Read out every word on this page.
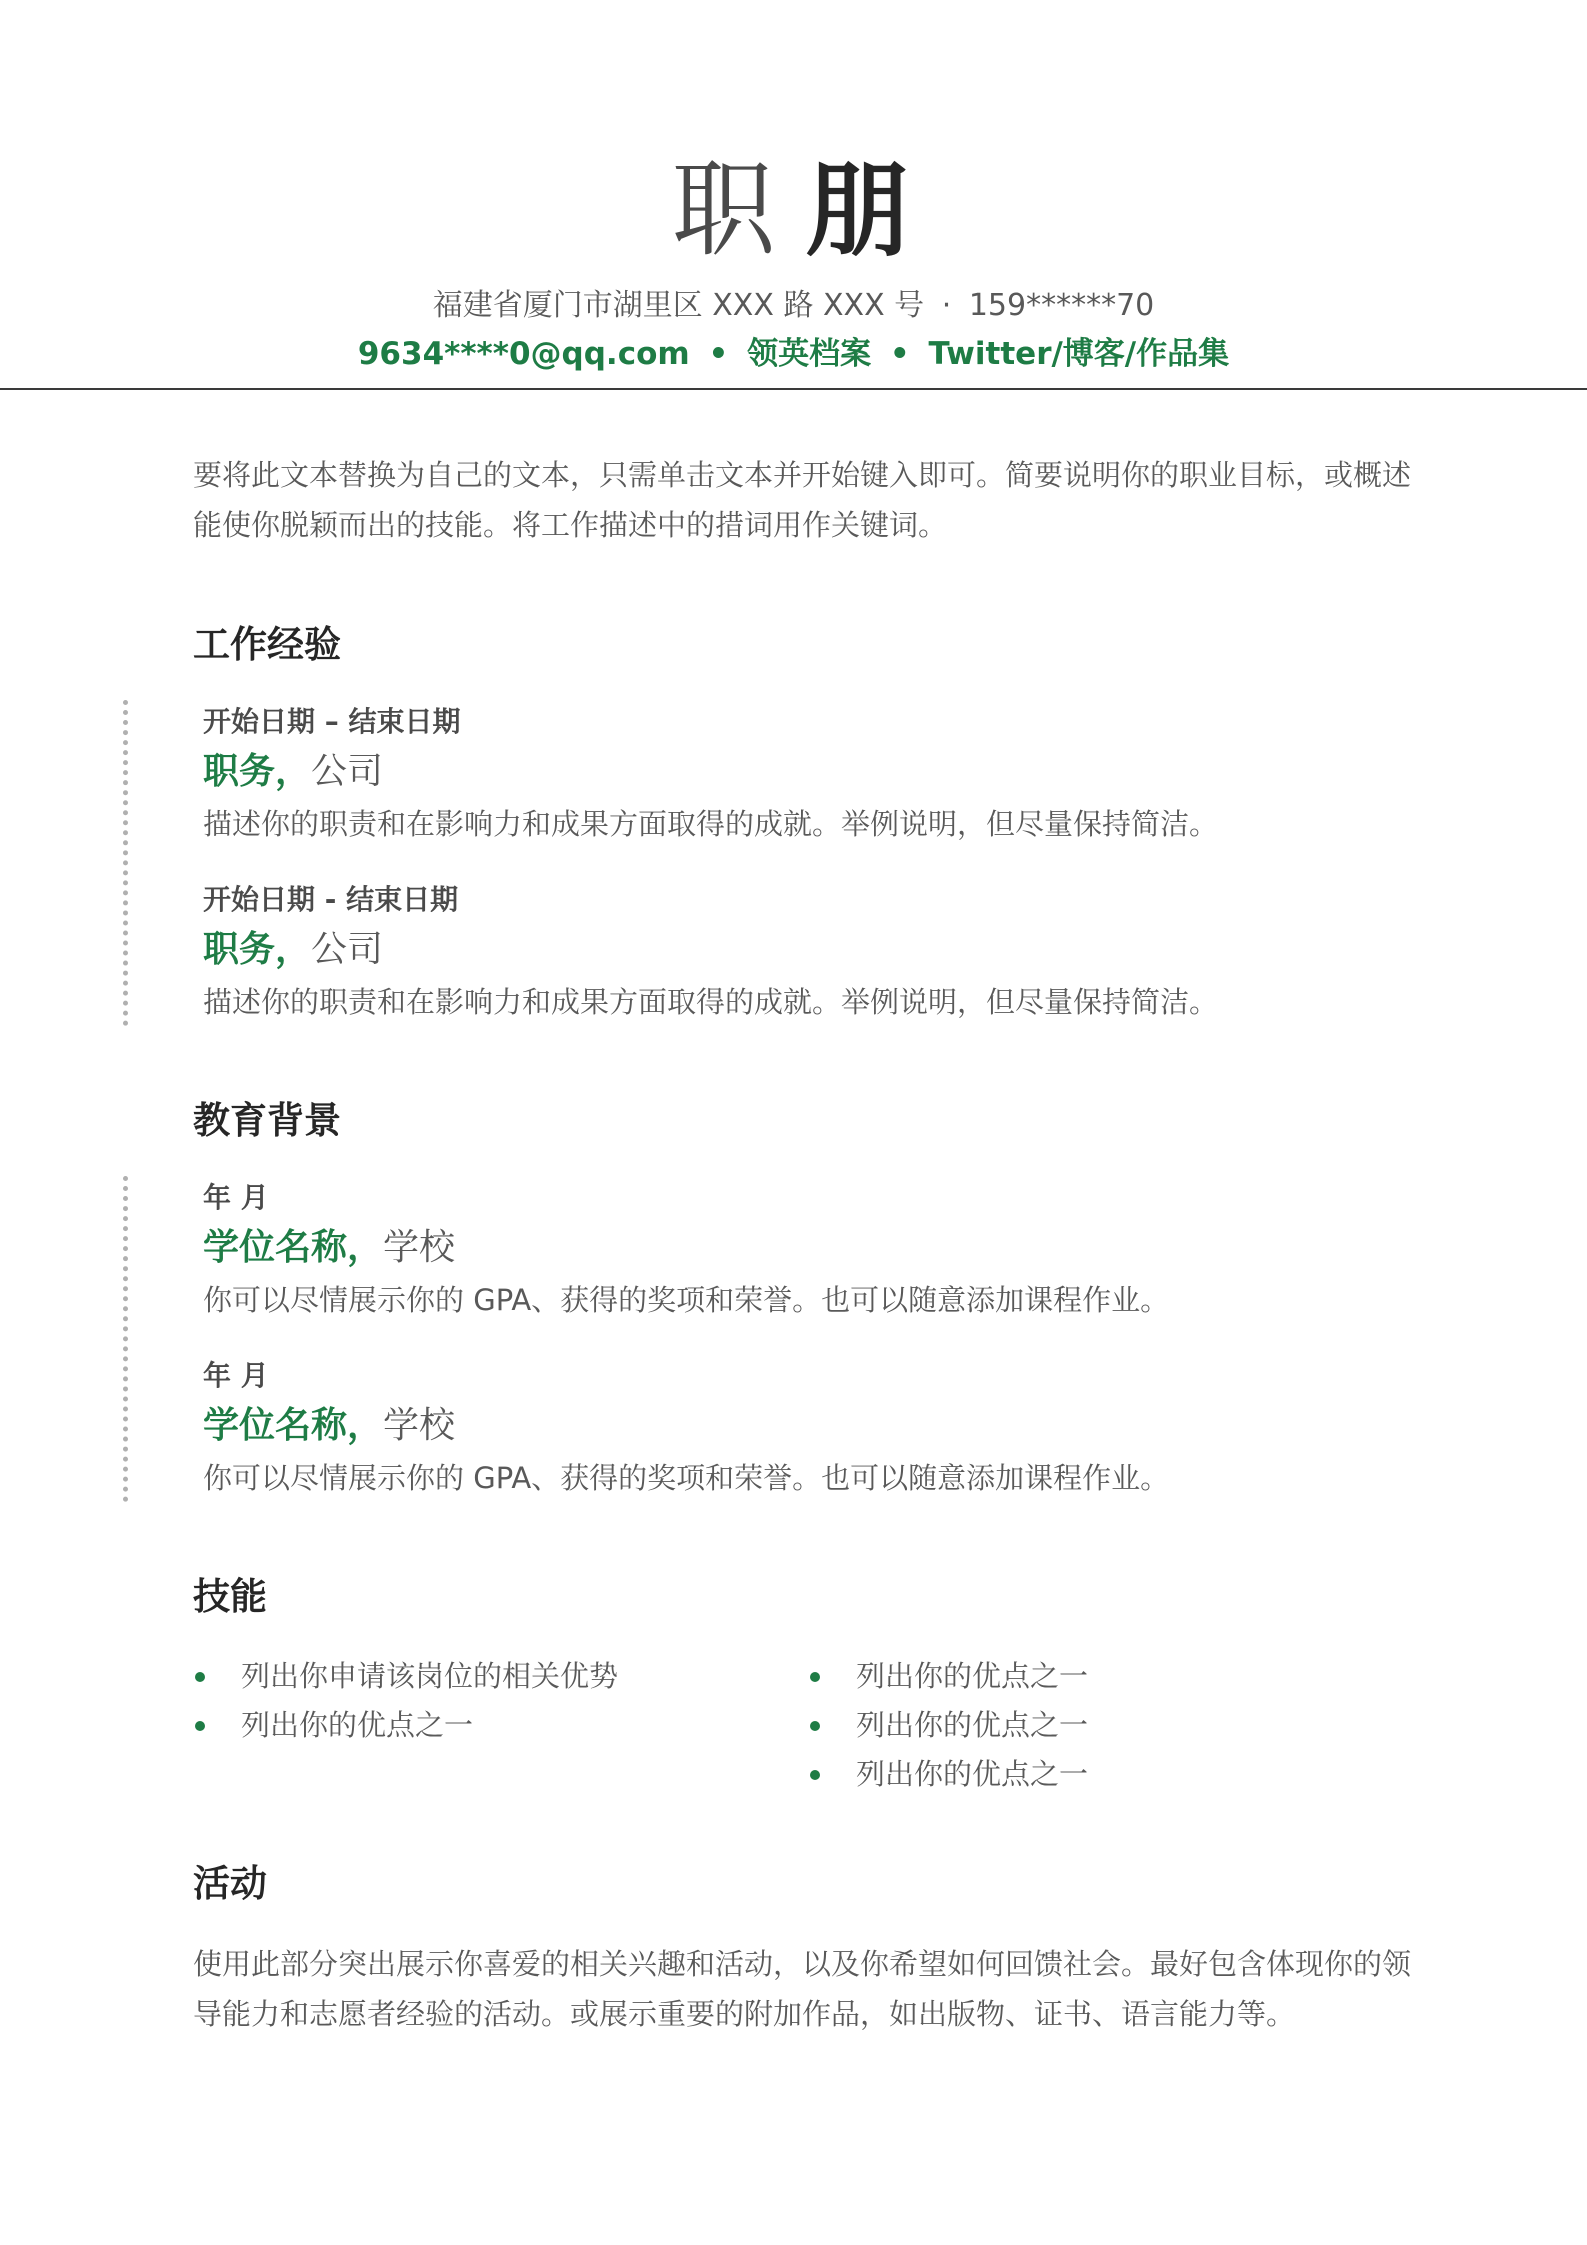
职 朋
福建省厦门市湖里区 XXX 路 XXX 号 · 159******70
9634****0@qq.com • 领英档案 • Twitter/博客/作品集

要将此文本替换为自己的文本，只需单击文本并开始键入即可。简要说明你的职业目标，或概述能使你脱颖而出的技能。将工作描述中的措词用作关键词。

工作经验
开始日期 – 结束日期
职务，公司
描述你的职责和在影响力和成果方面取得的成就。举例说明，但尽量保持简洁。
开始日期 - 结束日期
职务，公司
描述你的职责和在影响力和成果方面取得的成就。举例说明，但尽量保持简洁。
教育背景
年 月
学位名称，学校
你可以尽情展示你的 GPA、获得的奖项和荣誉。也可以随意添加课程作业。
年 月
学位名称，学校
你可以尽情展示你的 GPA、获得的奖项和荣誉。也可以随意添加课程作业。
技能
列出你申请该岗位的相关优势
列出你的优点之一
列出你的优点之一
列出你的优点之一
列出你的优点之一
活动

使用此部分突出展示你喜爱的相关兴趣和活动，以及你希望如何回馈社会。最好包含体现你的领导能力和志愿者经验的活动。或展示重要的附加作品，如出版物、证书、语言能力等。
